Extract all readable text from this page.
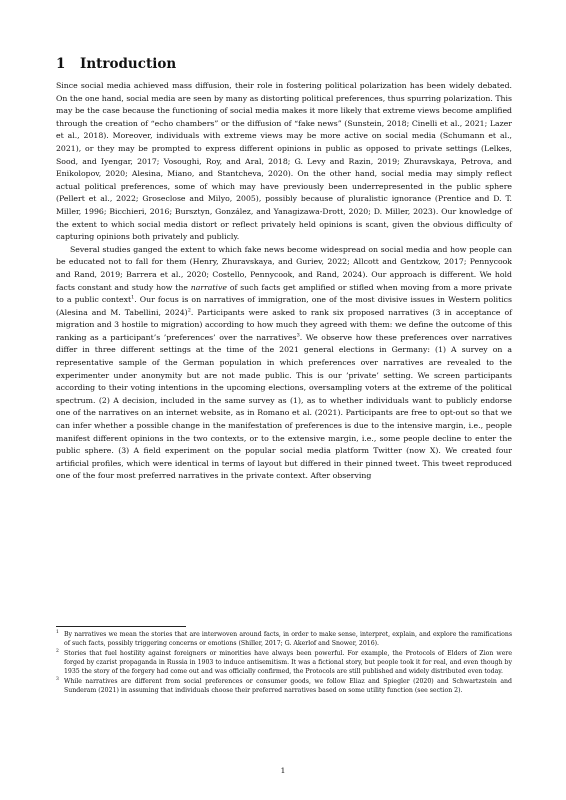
1 Introduction

Since social media achieved mass diffusion, their role in fostering political polarization has been widely debated. On the one hand, social media are seen by many as distorting political preferences, thus spurring polarization. This may be the case because the functioning of social media makes it more likely that extreme views become amplified through the creation of “echo chambers” or the diffusion of “fake news” (Sunstein, 2018; Cinelli et al., 2021; Lazer et al., 2018). Moreover, individuals with extreme views may be more active on social media (Schumann et al., 2021), or they may be prompted to express different opinions in public as opposed to private settings (Lelkes, Sood, and Iyengar, 2017; Vosoughi, Roy, and Aral, 2018; G. Levy and Razin, 2019; Zhuravskaya, Petrova, and Enikolopov, 2020; Alesina, Miano, and Stantcheva, 2020). On the other hand, social media may simply reflect actual political preferences, some of which may have previously been underrepresented in the public sphere (Pellert et al., 2022; Groseclose and Milyo, 2005), possibly because of pluralistic ignorance (Prentice and D. T. Miller, 1996; Bicchieri, 2016; Bursztyn, González, and Yanagizawa-Drott, 2020; D. Miller, 2023). Our knowledge of the extent to which social media distort or reflect privately held opinions is scant, given the obvious difficulty of capturing opinions both privately and publicly.

Several studies ganged the extent to which fake news become widespread on social media and how people can be educated not to fall for them (Henry, Zhuravskaya, and Guriev, 2022; Allcott and Gentzkow, 2017; Pennycook and Rand, 2019; Barrera et al., 2020; Costello, Pennycook, and Rand, 2024). Our approach is different. We hold facts constant and study how the narrative of such facts get amplified or stifled when moving from a more private to a public context$^1$. Our focus is on narratives of immigration, one of the most divisive issues in Western politics (Alesina and M. Tabellini, 2024)$^2$. Participants were asked to rank six proposed narratives (3 in acceptance of migration and 3 hostile to migration) according to how much they agreed with them: we define the outcome of this ranking as a participant’s ’preferences’ over the narratives$^3$. We observe how these preferences over narratives differ in three different settings at the time of the 2021 general elections in Germany: (1) A survey on a representative sample of the German population in which preferences over narratives are revealed to the experimenter under anonymity but are not made public. This is our ’private’ setting. We screen participants according to their voting intentions in the upcoming elections, oversampling voters at the extreme of the political spectrum. (2) A decision, included in the same survey as (1), as to whether individuals want to publicly endorse one of the narratives on an internet website, as in Romano et al. (2021). Participants are free to opt-out so that we can infer whether a possible change in the manifestation of preferences is due to the intensive margin, i.e., people manifest different opinions in the two contexts, or to the extensive margin, i.e., some people decline to enter the public sphere. (3) A field experiment on the popular social media platform Twitter (now X). We created four artificial profiles, which were identical in terms of layout but differed in their pinned tweet. This tweet reproduced one of the four most preferred narratives in the private context. After observing

1 By narratives we mean the stories that are interwoven around facts, in order to make sense, interpret, explain, and explore the ramifications of such facts, possibly triggering concerns or emotions (Shiller, 2017; G. Akerlof and Snower, 2016).

2 Stories that fuel hostility against foreigners or minorities have always been powerful. For example, the Protocols of Elders of Zion were forged by czarist propaganda in Russia in 1903 to induce antisemitism. It was a fictional story, but people took it for real, and even though by 1935 the story of the forgery had come out and was officially confirmed, the Protocols are still published and widely distributed even today.

3 While narratives are different from social preferences or consumer goods, we follow Eliaz and Spiegler (2020) and Schwartzstein and Sunderam (2021) in assuming that individuals choose their preferred narratives based on some utility function (see section 2).

1
